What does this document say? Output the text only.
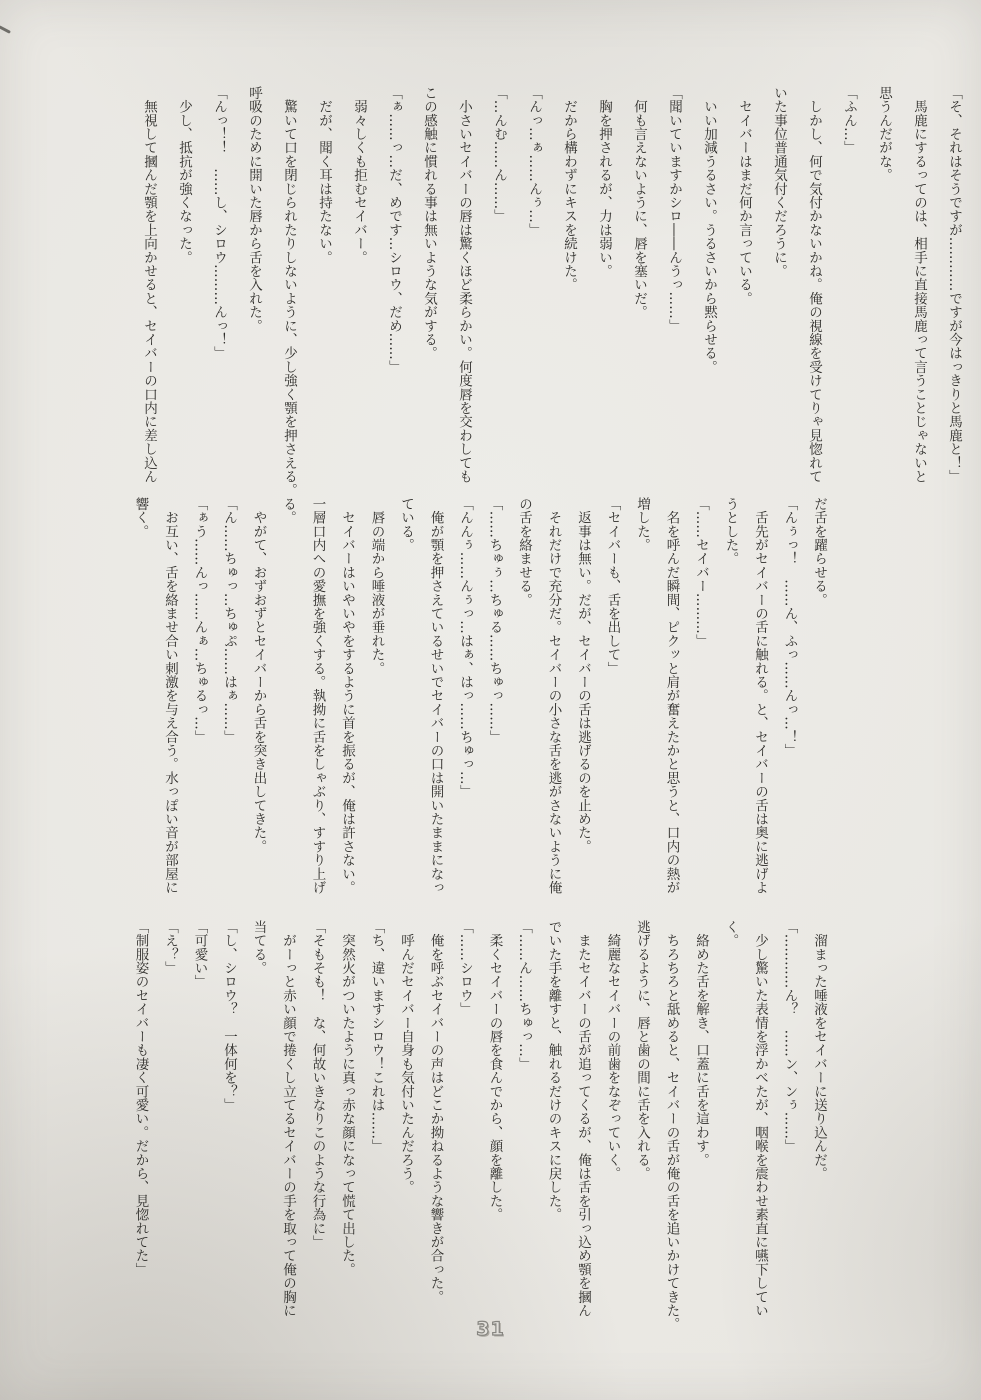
「そ、それはそうですが…………ですが今はっきりと馬鹿と！」
　馬鹿にするってのは、相手に直接馬鹿って言うことじゃないと
思うんだがな。
「ふん…」
　しかし、何で気付かないかね。俺の視線を受けてりゃ見惚れて
いた事位普通気付くだろうに。
　セイバーはまだ何か言っている。
　いい加減うるさい。うるさいから黙らせる。
「聞いていますかシロ――んうっ……」
　何も言えないように、唇を塞いだ。
　胸を押されるが、力は弱い。
　だから構わずにキスを続けた。
「んっ…ぁ……んぅ…」
「…んむ……ん……」
　小さいセイバーの唇は驚くほど柔らかい。何度唇を交わしても
この感触に慣れる事は無いような気がする。
「ぁ……っ…だ、めです…シロウ、だめ……」
　弱々しくも拒むセイバー。
　だが、聞く耳は持たない。
　驚いて口を閉じられたりしないように、少し強く顎を押さえる。
呼吸のために開いた唇から舌を入れた。
「んっ！！　……し、シロウ………んっ！」
　少し、抵抗が強くなった。
　無視して摑んだ顎を上向かせると、セイバーの口内に差し込ん
だ舌を躍らせる。
「んぅっ！　……ん、ふっ……んっ…！」
　舌先がセイバーの舌に触れる。と、セイバーの舌は奥に逃げよ
うとした。
「……セイバー………」
　名を呼んだ瞬間、ピクッと肩が奮えたかと思うと、口内の熱が
増した。
「セイバーも、舌を出して」
　返事は無い。だが、セイバーの舌は逃げるのを止めた。
　それだけで充分だ。セイバーの小さな舌を逃がさないように俺
の舌を絡ませる。
「……ちゅぅ…ちゅる……ちゅっ……」
「んんぅ……んぅっ…はぁ、はっ……ちゅっ…」
　俺が顎を押さえているせいでセイバーの口は開いたままになっ
ている。
　唇の端から唾液が垂れた。
　セイバーはいやいやをするように首を振るが、俺は許さない。
一層口内への愛撫を強くする。執拗に舌をしゃぶり、すすり上げ
る。
　やがて、おずおずとセイバーから舌を突き出してきた。
「ん……ちゅっ…ちゅぷ……はぁ……」
「ぁう……んっ……んぁ…ちゅるっ…」
　お互い、舌を絡ませ合い刺激を与え合う。水っぽい音が部屋に
響く。
　溜まった唾液をセイバーに送り込んだ。
「…………ん？　……ン、ンぅ……」
　少し驚いた表情を浮かべたが、咽喉を震わせ素直に嚥下してい
く。
　絡めた舌を解き、口蓋に舌を這わす。
　ちろちろと舐めると、セイバーの舌が俺の舌を追いかけてきた。
逃げるように、唇と歯の間に舌を入れる。
　綺麗なセイバーの前歯をなぞっていく。
　またセイバーの舌が追ってくるが、俺は舌を引っ込め顎を摑ん
でいた手を離すと、触れるだけのキスに戻した。
「……ん……ちゅっ…」
　柔くセイバーの唇を食んでから、顔を離した。
「……シロウ」
　俺を呼ぶセイバーの声はどこか拗ねるような響きが合った。
　呼んだセイバー自身も気付いたんだろう。
「ち、違いますシロウ！これは……」
　突然火がついたように真っ赤な顔になって慌て出した。
「そもそも！　な、何故いきなりこのような行為に」
　がーっと赤い顔で捲くし立てるセイバーの手を取って俺の胸に
当てる。
「し、シロウ？　一体何を？」
「可愛い」
「え？」
「制服姿のセイバーも凄く可愛い。だから、見惚れてた」
31
